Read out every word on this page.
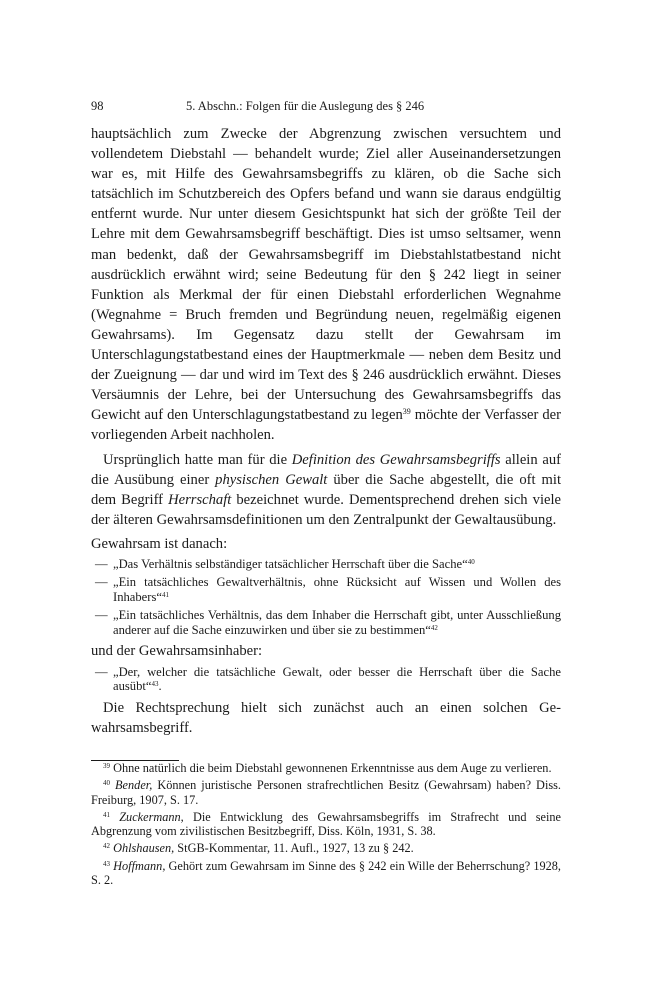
98	5. Abschn.: Folgen für die Auslegung des § 246

hauptsächlich zum Zwecke der Abgrenzung zwischen versuchtem und vollendetem Diebstahl — behandelt wurde; Ziel aller Auseinandersetzungen war es, mit Hilfe des Gewahrsamsbegriffs zu klären, ob die Sache sich tatsächlich im Schutzbereich des Opfers befand und wann sie daraus endgültig entfernt wurde. Nur unter diesem Gesichtspunkt hat sich der größte Teil der Lehre mit dem Gewahrsamsbegriff beschäftigt. Dies ist umso seltsamer, wenn man bedenkt, daß der Gewahrsamsbegriff im Diebstahlstatbestand nicht ausdrücklich erwähnt wird; seine Bedeutung für den § 242 liegt in seiner Funktion als Merkmal der für einen Diebstahl erforderlichen Wegnahme (Wegnahme = Bruch fremden und Begründung neuen, regelmäßig eigenen Gewahrsams). Im Gegensatz dazu stellt der Gewahrsam im Unterschlagungstatbestand eines der Hauptmerkmale — neben dem Besitz und der Zueignung — dar und wird im Text des § 246 ausdrücklich erwähnt. Dieses Versäumnis der Lehre, bei der Untersuchung des Gewahrsamsbegriffs das Gewicht auf den Unterschlagungstatbestand zu legen$^{39}$ möchte der Verfasser der vorliegenden Arbeit nachholen.

Ursprünglich hatte man für die Definition des Gewahrsamsbegriffs allein auf die Ausübung einer physischen Gewalt über die Sache abgestellt, die oft mit dem Begriff Herrschaft bezeichnet wurde. Dementsprechend drehen sich viele der älteren Gewahrsamsdefinitionen um den Zentralpunkt der Gewaltausübung.

Gewahrsam ist danach:

— „Das Verhältnis selbständiger tatsächlicher Herrschaft über die Sache“$^{40}$
— „Ein tatsächliches Gewaltverhältnis, ohne Rücksicht auf Wissen und Wollen des Inhabers“$^{41}$
— „Ein tatsächliches Verhältnis, das dem Inhaber die Herrschaft gibt, unter Ausschließung anderer auf die Sache einzuwirken und über sie zu bestimmen“$^{42}$

und der Gewahrsamsinhaber:

— „Der, welcher die tatsächliche Gewalt, oder besser die Herrschaft über die Sache ausübt“$^{43}$.

Die Rechtsprechung hielt sich zunächst auch an einen solchen Gewahrsamsbegriff.

$^{39}$ Ohne natürlich die beim Diebstahl gewonnenen Erkenntnisse aus dem Auge zu verlieren.

$^{40}$ Bender, Können juristische Personen strafrechtlichen Besitz (Gewahrsam) haben? Diss. Freiburg, 1907, S. 17.

$^{41}$ Zuckermann, Die Entwicklung des Gewahrsamsbegriffs im Strafrecht und seine Abgrenzung vom zivilistischen Besitzbegriff, Diss. Köln, 1931, S. 38.

$^{42}$ Ohlshausen, StGB-Kommentar, 11. Aufl., 1927, 13 zu § 242.

$^{43}$ Hoffmann, Gehört zum Gewahrsam im Sinne des § 242 ein Wille der Beherrschung? 1928, S. 2.
